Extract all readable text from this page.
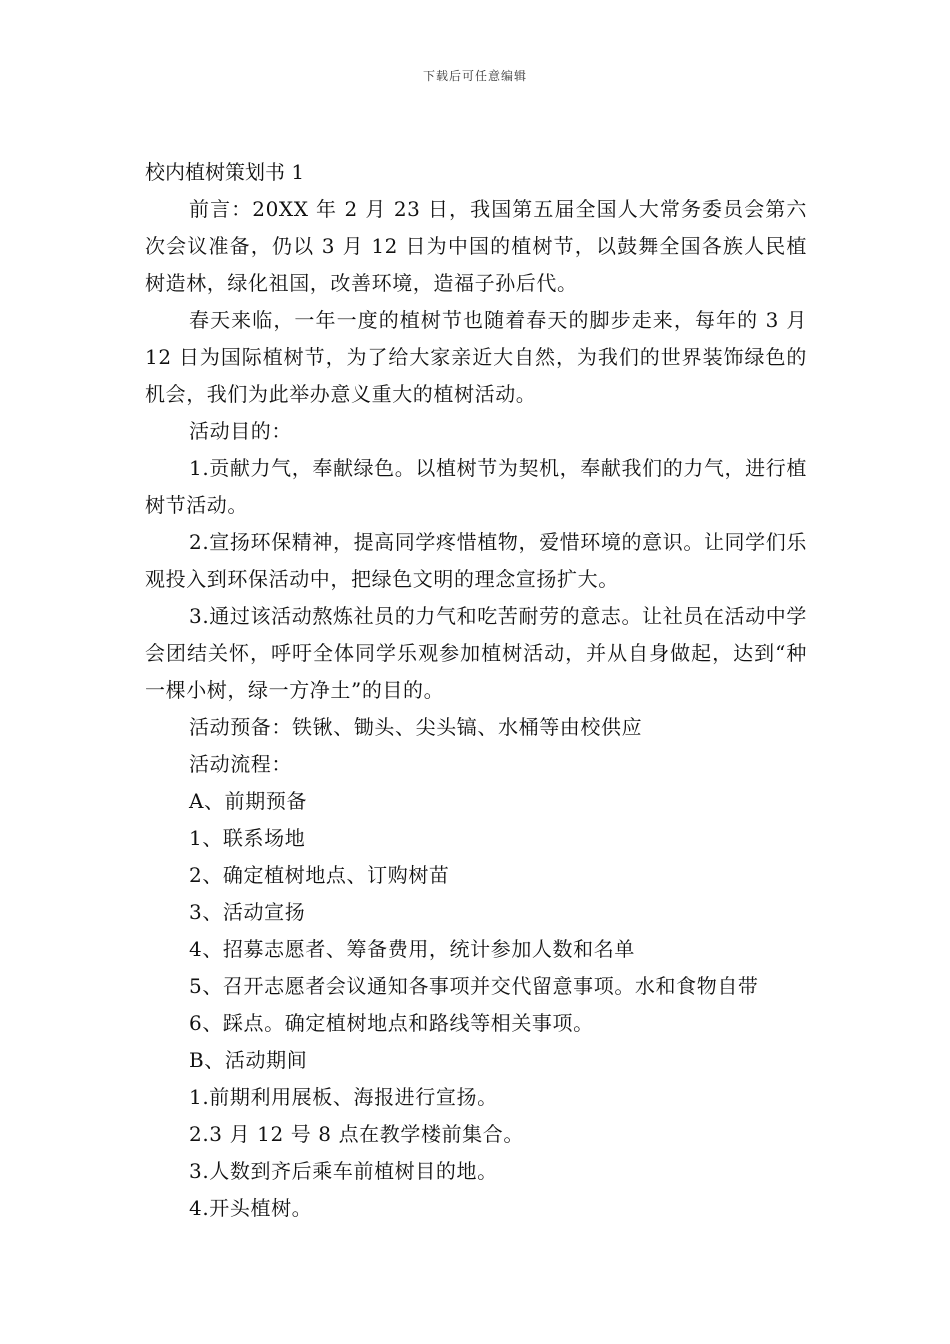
下载后可任意编辑

校内植树策划书 1

前言：20XX 年 2 月 23 日，我国第五届全国人大常务委员会第六次会议准备，仍以 3 月 12 日为中国的植树节，以鼓舞全国各族人民植树造林，绿化祖国，改善环境，造福子孙后代。

春天来临，一年一度的植树节也随着春天的脚步走来，每年的 3 月 12 日为国际植树节，为了给大家亲近大自然，为我们的世界装饰绿色的机会，我们为此举办意义重大的植树活动。

活动目的：

1.贡献力气，奉献绿色。以植树节为契机，奉献我们的力气，进行植树节活动。

2.宣扬环保精神，提高同学疼惜植物，爱惜环境的意识。让同学们乐观投入到环保活动中，把绿色文明的理念宣扬扩大。

3.通过该活动熬炼社员的力气和吃苦耐劳的意志。让社员在活动中学会团结关怀，呼吁全体同学乐观参加植树活动，并从自身做起，达到“种一棵小树，绿一方净土”的目的。

活动预备：铁锹、锄头、尖头镐、水桶等由校供应

活动流程：

A、前期预备

1、联系场地

2、确定植树地点、订购树苗

3、活动宣扬

4、招募志愿者、筹备费用，统计参加人数和名单

5、召开志愿者会议通知各事项并交代留意事项。水和食物自带

6、踩点。确定植树地点和路线等相关事项。

B、活动期间

1.前期利用展板、海报进行宣扬。

2.3 月 12 号 8 点在教学楼前集合。

3.人数到齐后乘车前植树目的地。

4.开头植树。
